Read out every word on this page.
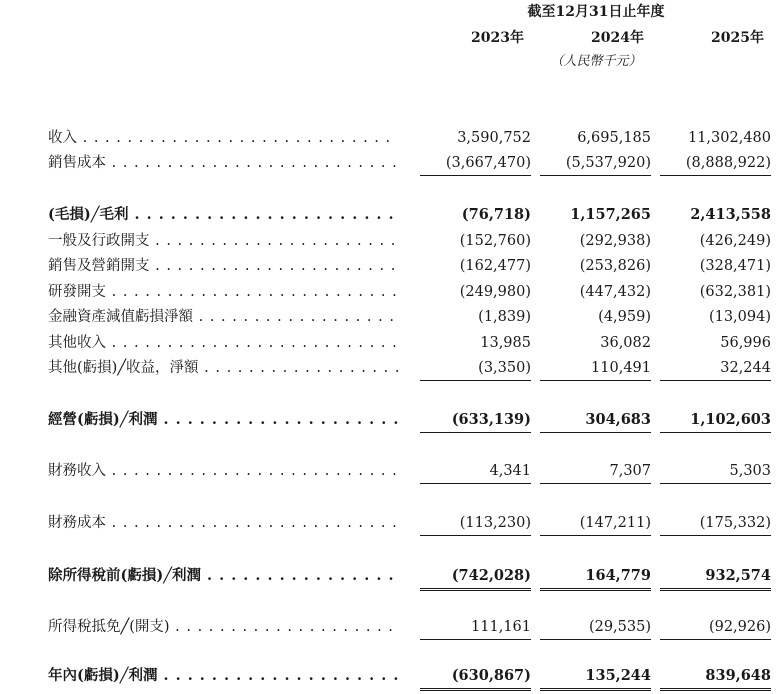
截至12月31日止年度
2023年	2024年	2025年
（人民幣千元）
收入 . . .	3,590,752	6,695,185	11,302,480
銷售成本 . . .	(3,667,470)	(5,537,920)	(8,888,922)
(毛損)╱毛利 . . .	(76,718)	1,157,265	2,413,558
一般及行政開支 . . .	(152,760)	(292,938)	(426,249)
銷售及營銷開支 . . .	(162,477)	(253,826)	(328,471)
研發開支 . . .	(249,980)	(447,432)	(632,381)
金融資產減值虧損淨額 . . .	(1,839)	(4,959)	(13,094)
其他收入 . . .	13,985	36,082	56,996
其他(虧損)╱收益，淨額 . . .	(3,350)	110,491	32,244
經營(虧損)╱利潤 . . .	(633,139)	304,683	1,102,603
財務收入 . . .	4,341	7,307	5,303
財務成本 . . .	(113,230)	(147,211)	(175,332)
除所得稅前(虧損)╱利潤 . . .	(742,028)	164,779	932,574
所得稅抵免╱(開支) . . .	111,161	(29,535)	(92,926)
年內(虧損)╱利潤 . . .	(630,867)	135,244	839,648
